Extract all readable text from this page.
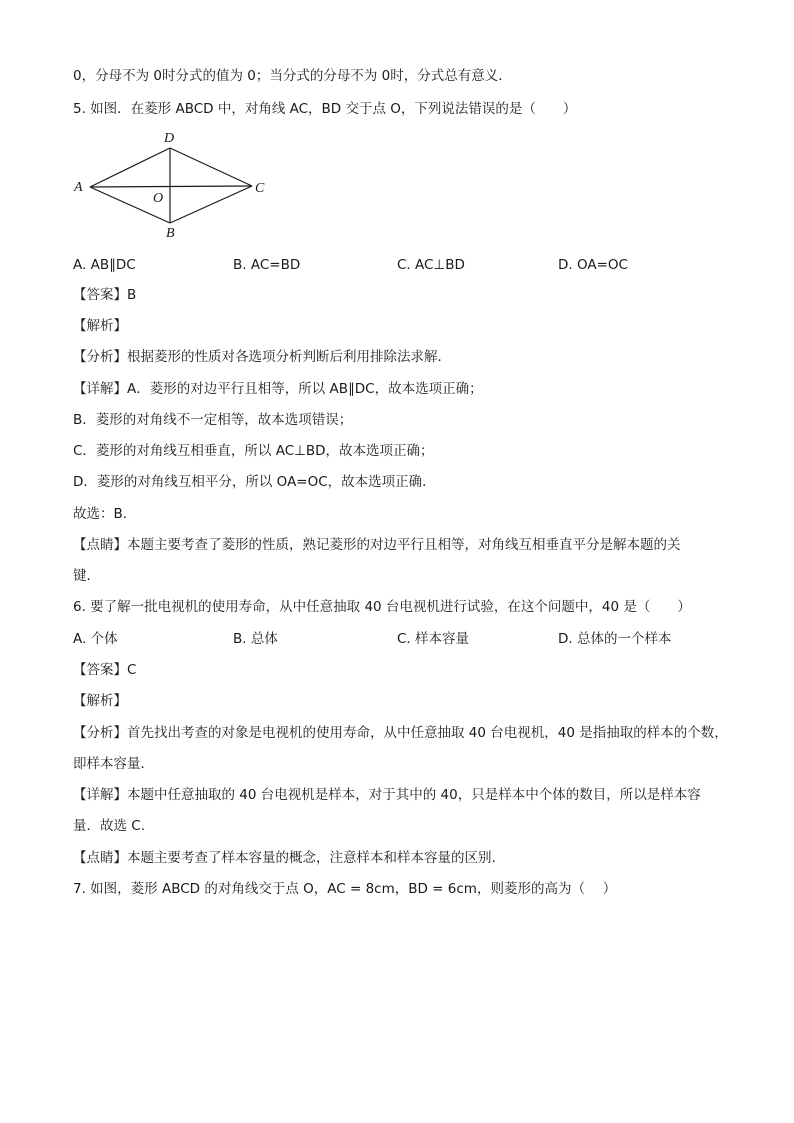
0，分母不为 0时分式的值为 0；当分式的分母不为 0时，分式总有意义．
5. 如图．在菱形 ABCD 中，对角线 AC，BD 交于点 O，下列说法错误的是（　　）
D
A	C
O
B
A. AB∥DC	B. AC=BD	C. AC⊥BD	D. OA=OC
【答案】B
【解析】
【分析】根据菱形的性质对各选项分析判断后利用排除法求解．
【详解】A．菱形的对边平行且相等，所以 AB∥DC，故本选项正确；
B．菱形的对角线不一定相等，故本选项错误；
C．菱形的对角线互相垂直，所以 AC⊥BD，故本选项正确；
D．菱形的对角线互相平分，所以 OA=OC，故本选项正确．
故选：B．
【点睛】本题主要考查了菱形的性质，熟记菱形的对边平行且相等，对角线互相垂直平分是解本题的关
键．
6. 要了解一批电视机的使用寿命，从中任意抽取 40 台电视机进行试验，在这个问题中，40 是（　　）
A. 个体	B. 总体	C. 样本容量	D. 总体的一个样本
【答案】C
【解析】
【分析】首先找出考查的对象是电视机的使用寿命，从中任意抽取 40 台电视机，40 是指抽取的样本的个数，
即样本容量．
【详解】本题中任意抽取的 40 台电视机是样本，对于其中的 40，只是样本中个体的数目，所以是样本容
量．故选 C.
【点睛】本题主要考查了样本容量的概念，注意样本和样本容量的区别.
7. 如图，菱形 ABCD 的对角线交于点 O，AC = 8cm，BD = 6cm，则菱形的高为（　 ）
